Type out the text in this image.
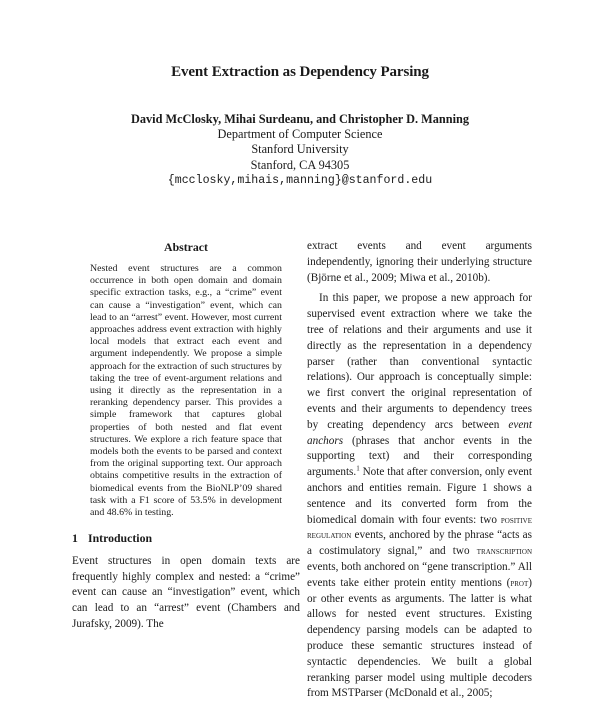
Event Extraction as Dependency Parsing
David McClosky, Mihai Surdeanu, and Christopher D. Manning
Department of Computer Science
Stanford University
Stanford, CA 94305
{mcclosky,mihais,manning}@stanford.edu
Abstract
Nested event structures are a common occurrence in both open domain and domain specific extraction tasks, e.g., a “crime” event can cause a “investigation” event, which can lead to an “arrest” event. However, most current approaches address event extraction with highly local models that extract each event and argument independently. We propose a simple approach for the extraction of such structures by taking the tree of event-argument relations and using it directly as the representation in a reranking dependency parser. This provides a simple framework that captures global properties of both nested and flat event structures. We explore a rich feature space that models both the events to be parsed and context from the original supporting text. Our approach obtains competitive results in the extraction of biomedical events from the BioNLP’09 shared task with a F1 score of 53.5% in development and 48.6% in testing.
1 Introduction
Event structures in open domain texts are frequently highly complex and nested: a “crime” event can cause an “investigation” event, which can lead to an “arrest” event (Chambers and Jurafsky, 2009). The

extract events and event arguments independently, ignoring their underlying structure (Björne et al., 2009; Miwa et al., 2010b).

In this paper, we propose a new approach for supervised event extraction where we take the tree of relations and their arguments and use it directly as the representation in a dependency parser (rather than conventional syntactic relations). Our approach is conceptually simple: we first convert the original representation of events and their arguments to dependency trees by creating dependency arcs between event anchors (phrases that anchor events in the supporting text) and their corresponding arguments.$^1$ Note that after conversion, only event anchors and entities remain. Figure 1 shows a sentence and its converted form from the biomedical domain with four events: two positive regulation events, anchored by the phrase “acts as a costimulatory signal,” and two transcription events, both anchored on “gene transcription.” All events take either protein entity mentions (prot) or other events as arguments. The latter is what allows for nested event structures. Existing dependency parsing models can be adapted to produce these semantic structures instead of syntactic dependencies. We built a global reranking parser model using multiple decoders from MSTParser (McDonald et al., 2005;
